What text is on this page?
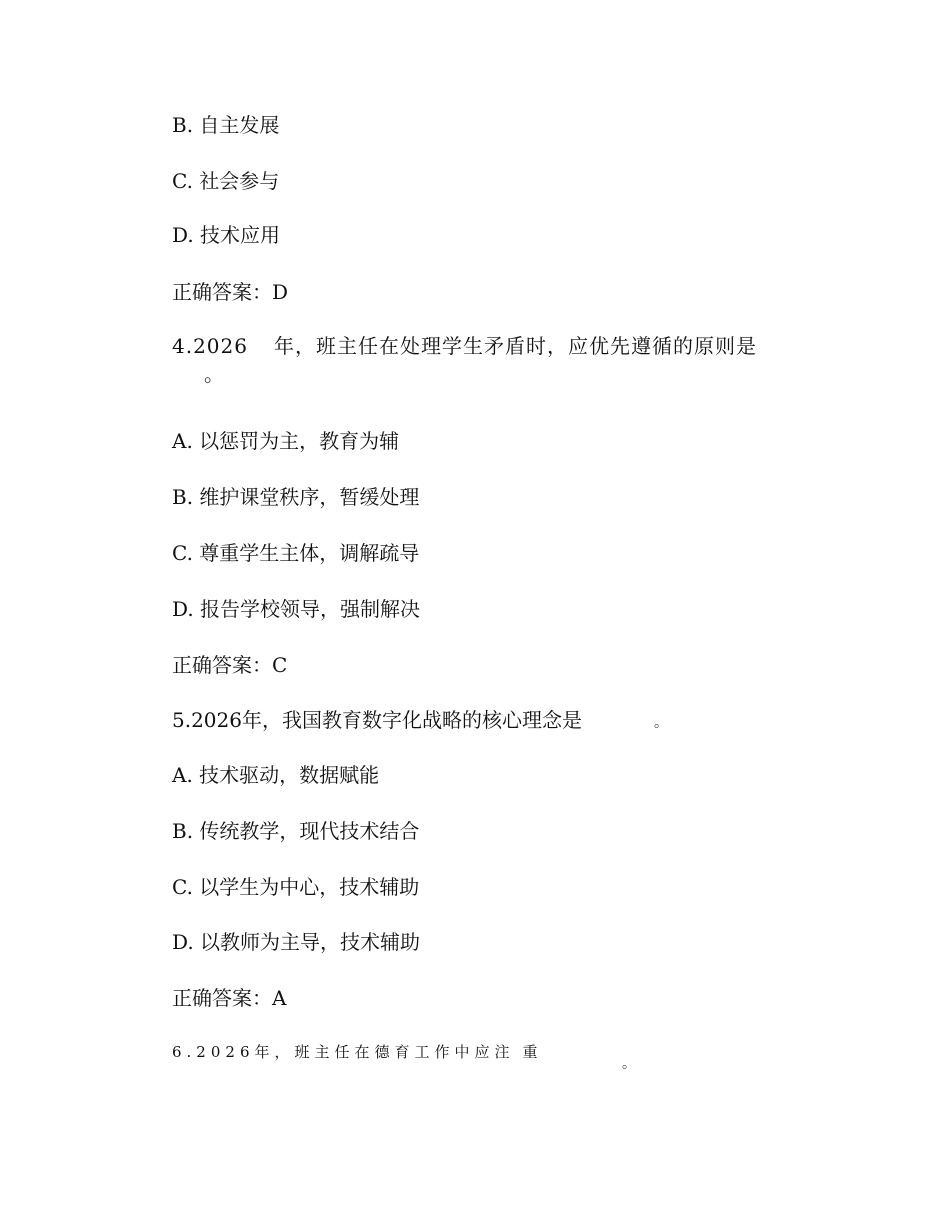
B. 自主发展
C. 社会参与
D. 技术应用
正确答案：D
4.2026 年，班主任在处理学生矛盾时，应优先遵循的原则是
。
A. 以惩罚为主，教育为辅
B. 维护课堂秩序，暂缓处理
C. 尊重学生主体，调解疏导
D. 报告学校领导，强制解决
正确答案：C
5.2026年，我国教育数字化战略的核心理念是	。
A. 技术驱动，数据赋能
B. 传统教学，现代技术结合
C. 以学生为中心，技术辅助
D. 以教师为主导，技术辅助
正确答案：A
6.2026年，班主任在德育工作中应注 重
。
